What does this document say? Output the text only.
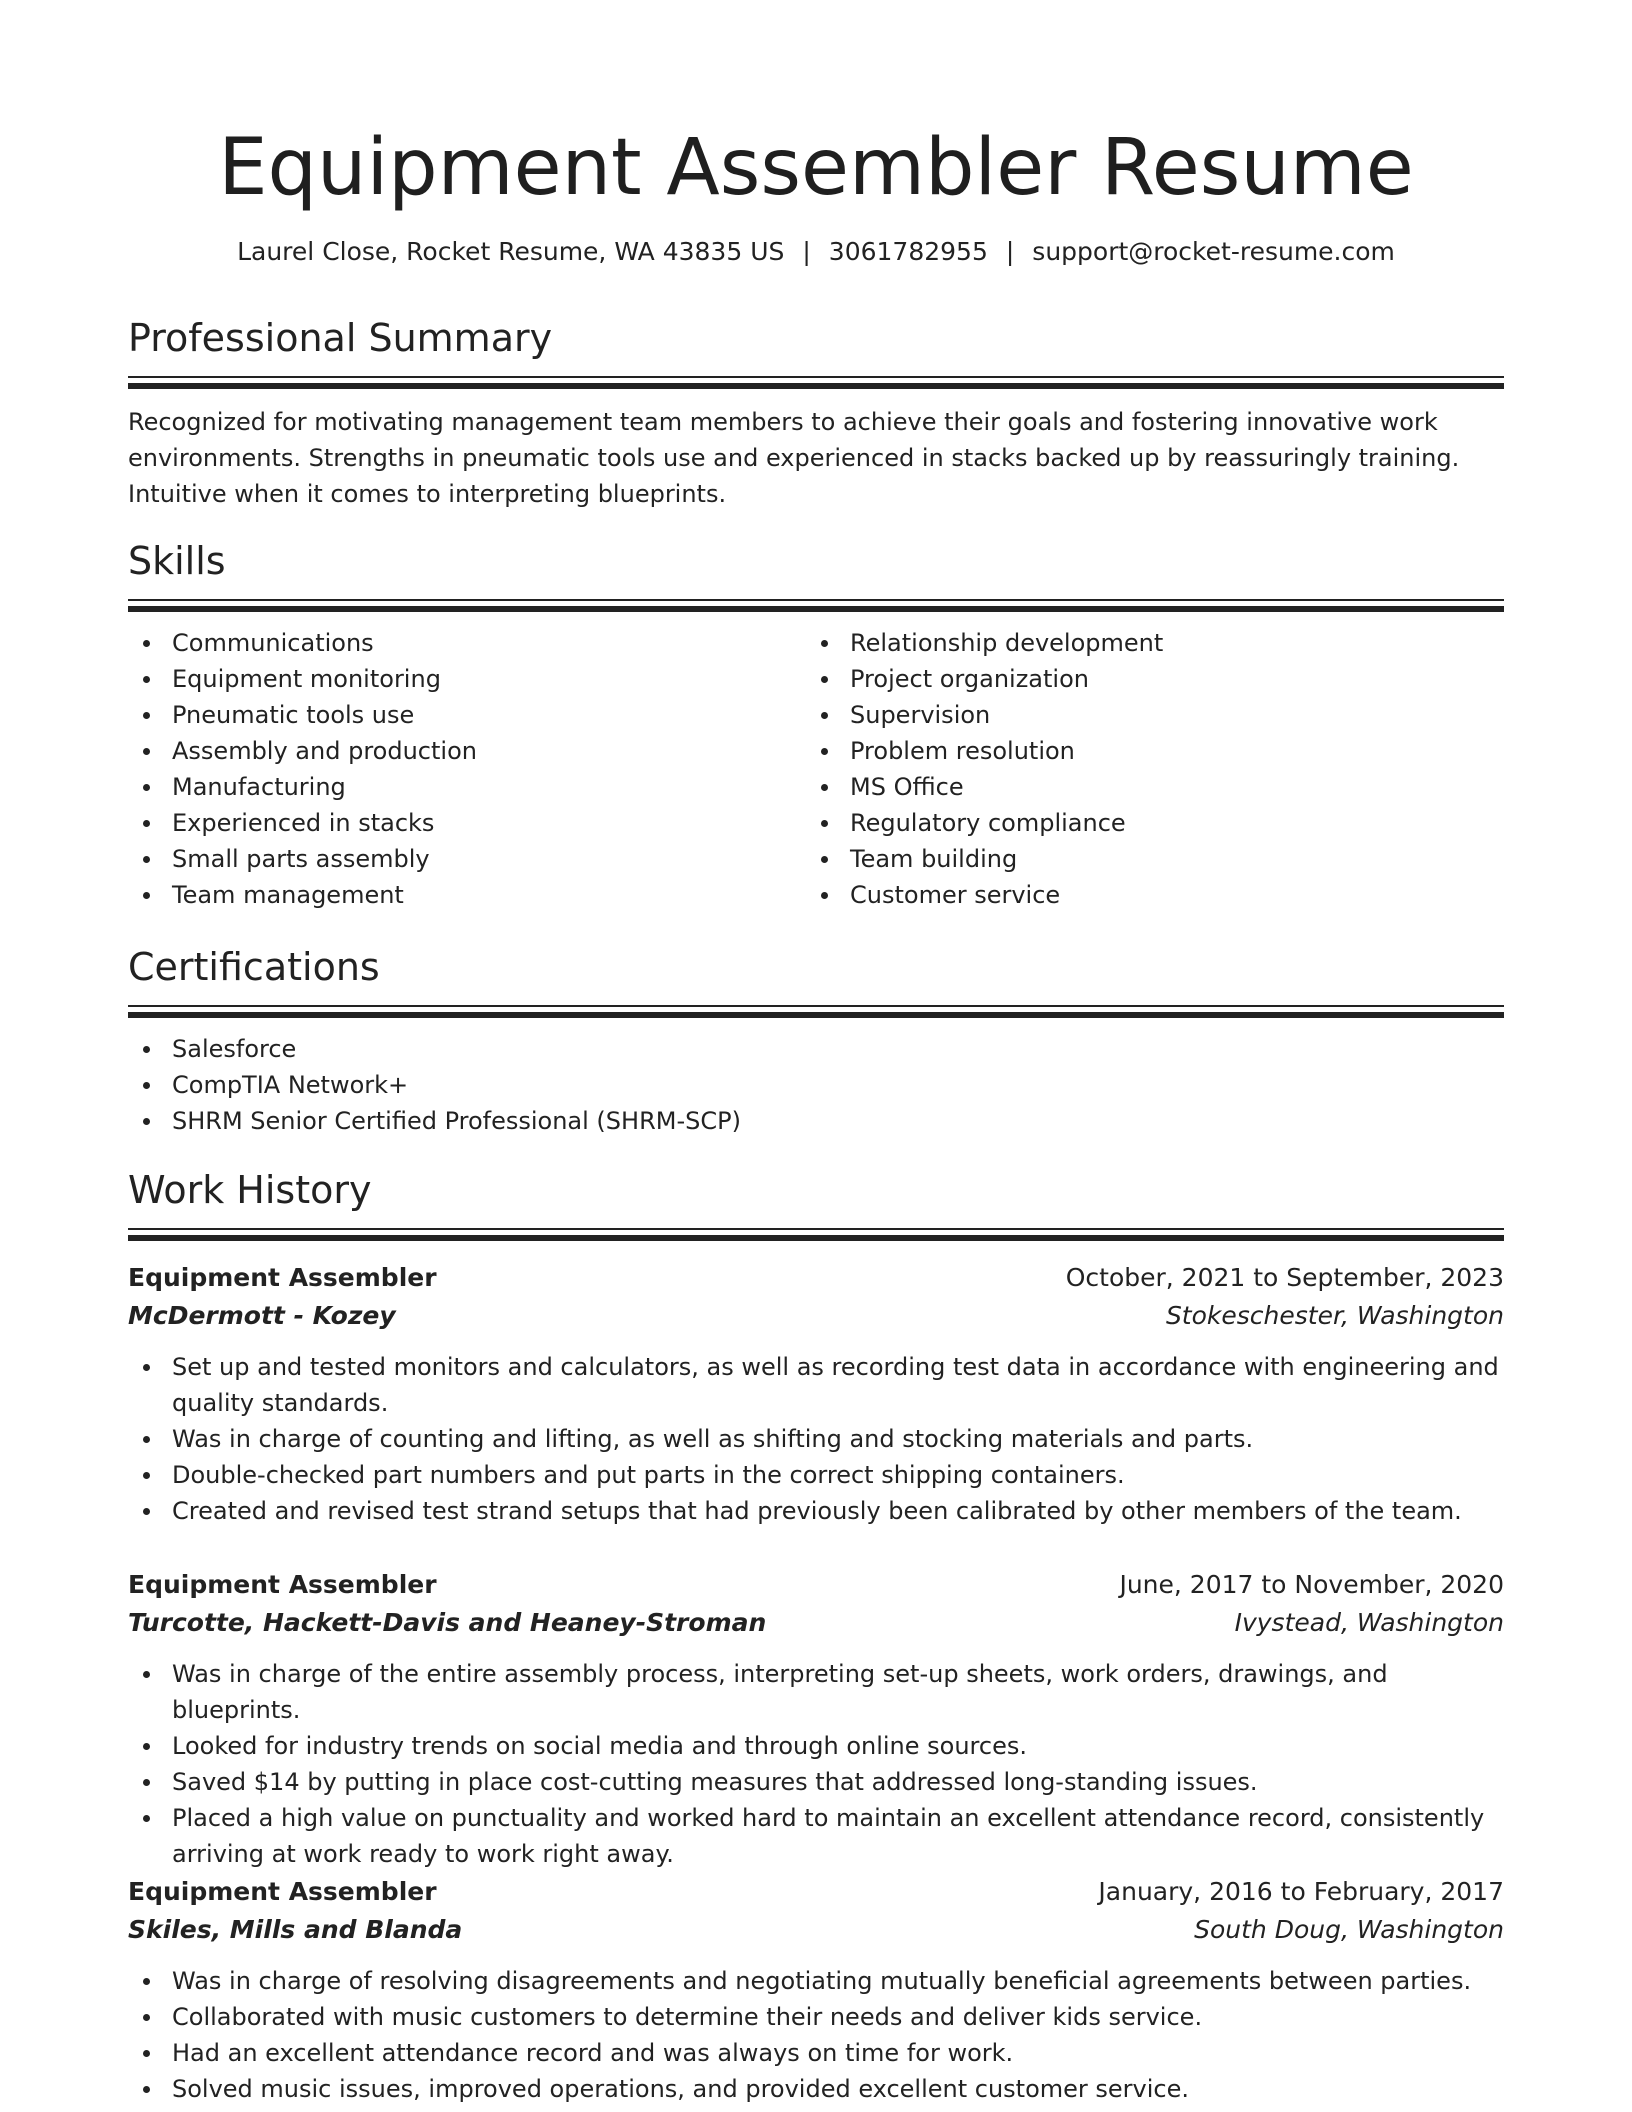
Equipment Assembler Resume
Laurel Close, Rocket Resume, WA 43835 US | 3061782955 | support@rocket-resume.com
Professional Summary
Recognized for motivating management team members to achieve their goals and fostering innovative work environments. Strengths in pneumatic tools use and experienced in stacks backed up by reassuringly training. Intuitive when it comes to interpreting blueprints.
Skills
Communications
Equipment monitoring
Pneumatic tools use
Assembly and production
Manufacturing
Experienced in stacks
Small parts assembly
Team management
Relationship development
Project organization
Supervision
Problem resolution
MS Office
Regulatory compliance
Team building
Customer service
Certifications
Salesforce
CompTIA Network+
SHRM Senior Certified Professional (SHRM-SCP)
Work History
Equipment Assembler	October, 2021 to September, 2023
McDermott - Kozey	Stokeschester, Washington
Set up and tested monitors and calculators, as well as recording test data in accordance with engineering and quality standards.
Was in charge of counting and lifting, as well as shifting and stocking materials and parts.
Double-checked part numbers and put parts in the correct shipping containers.
Created and revised test strand setups that had previously been calibrated by other members of the team.
Equipment Assembler	June, 2017 to November, 2020
Turcotte, Hackett-Davis and Heaney-Stroman	Ivystead, Washington
Was in charge of the entire assembly process, interpreting set-up sheets, work orders, drawings, and blueprints.
Looked for industry trends on social media and through online sources.
Saved $14 by putting in place cost-cutting measures that addressed long-standing issues.
Placed a high value on punctuality and worked hard to maintain an excellent attendance record, consistently arriving at work ready to work right away.
Equipment Assembler	January, 2016 to February, 2017
Skiles, Mills and Blanda	South Doug, Washington
Was in charge of resolving disagreements and negotiating mutually beneficial agreements between parties.
Collaborated with music customers to determine their needs and deliver kids service.
Had an excellent attendance record and was always on time for work.
Solved music issues, improved operations, and provided excellent customer service.
